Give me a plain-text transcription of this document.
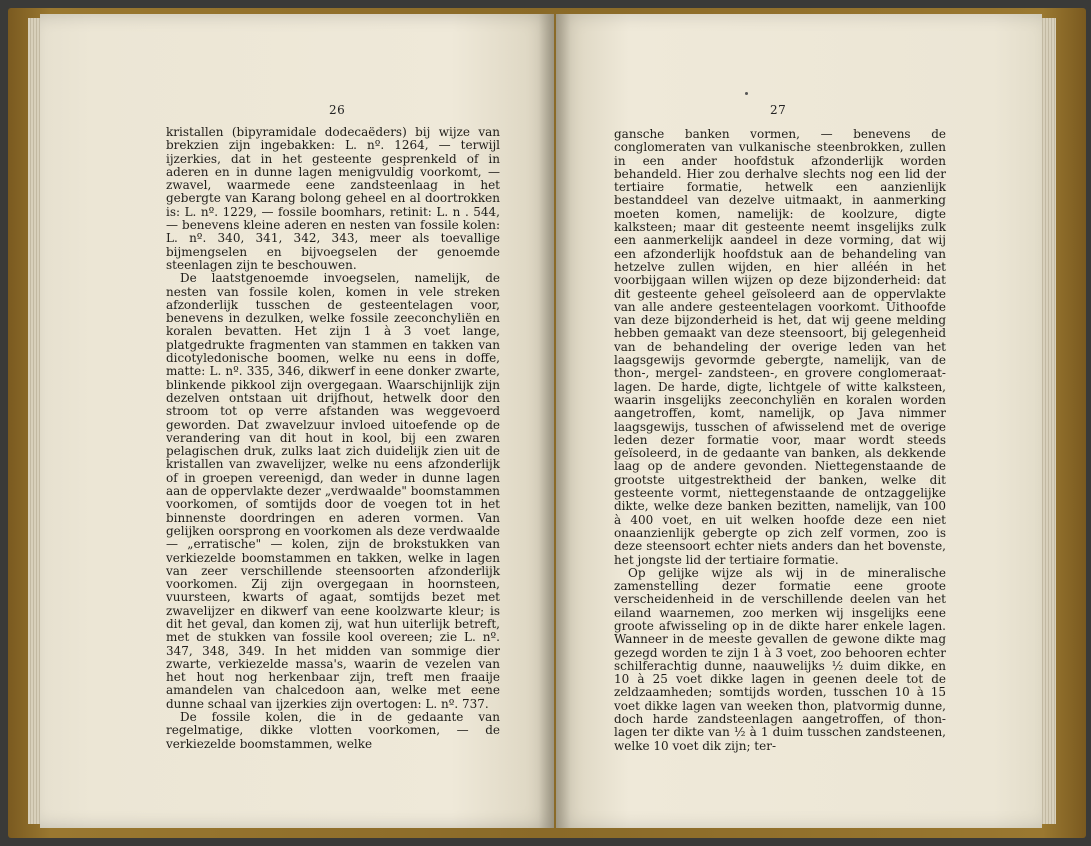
26	27

kristallen (bipyramidale dodecaëders) bij wijze van brekzien zijn ingebakken: L. nº. 1264, — terwijl ijzerkies, dat in het gesteente gesprenkeld of in aderen en in dunne lagen menigvuldig voorkomt, — zwavel, waarmede eene zandsteenlaag in het gebergte van Karang bolong geheel en al doortrokken is: L. nº. 1229, — fossile boomhars, retinit: L. n . 544, — benevens kleine aderen en nesten van fossile kolen: L. nº. 340, 341, 342, 343, meer als toevallige bijmengselen en bijvoegselen der genoemde steenlagen zijn te beschouwen.

De laatstgenoemde invoegselen, namelijk, de nesten van fossile kolen, komen in vele streken afzonderlijk tusschen de gesteentelagen voor, benevens in dezulken, welke fossile zeeconchyliën en koralen bevatten. Het zijn 1 à 3 voet lange, platgedrukte fragmenten van stammen en takken van dicotyledonische boomen, welke nu eens in doffe, matte: L. nº. 335, 346, dikwerf in eene donker zwarte, blinkende pikkool zijn overgegaan. Waarschijnlijk zijn dezelven ontstaan uit drijfhout, hetwelk door den stroom tot op verre afstanden was weggevoerd geworden. Dat zwavelzuur invloed uitoefende op de verandering van dit hout in kool, bij een zwaren pelagischen druk, zulks laat zich duidelijk zien uit de kristallen van zwavelijzer, welke nu eens afzonderlijk of in groepen vereenigd, dan weder in dunne lagen aan de oppervlakte dezer „verdwaalde" boomstammen voorkomen, of somtijds door de voegen tot in het binnenste doordringen en aderen vormen. Van gelijken oorsprong en voorkomen als deze verdwaalde — „erratische" — kolen, zijn de brokstukken van verkiezelde boomstammen en takken, welke in lagen van zeer verschillende steensoorten afzonderlijk voorkomen. Zij zijn overgegaan in hoornsteen, vuursteen, kwarts of agaat, somtijds bezet met zwavelijzer en dikwerf van eene koolzwarte kleur; is dit het geval, dan komen zij, wat hun uiterlijk betreft, met de stukken van fossile kool overeen; zie L. nº. 347, 348, 349. In het midden van sommige dier zwarte, verkiezelde massa's, waarin de vezelen van het hout nog herkenbaar zijn, treft men fraaije amandelen van chalcedoon aan, welke met eene dunne schaal van ijzerkies zijn overtogen: L. nº. 737.

De fossile kolen, die in de gedaante van regelmatige, dikke vlotten voorkomen, — de verkiezelde boomstammen, welke

gansche banken vormen, — benevens de conglomeraten van vulkanische steenbrokken, zullen in een ander hoofdstuk afzonderlijk worden behandeld. Hier zou derhalve slechts nog een lid der tertiaire formatie, hetwelk een aanzienlijk bestanddeel van dezelve uitmaakt, in aanmerking moeten komen, namelijk: de koolzure, digte kalksteen; maar dit gesteente neemt insgelijks zulk een aanmerkelijk aandeel in deze vorming, dat wij een afzonderlijk hoofdstuk aan de behandeling van hetzelve zullen wijden, en hier alléén in het voorbijgaan willen wijzen op deze bijzonderheid: dat dit gesteente geheel geïsoleerd aan de oppervlakte van alle andere gesteentelagen voorkomt. Uithoofde van deze bijzonderheid is het, dat wij geene melding hebben gemaakt van deze steensoort, bij gelegenheid van de behandeling der overige leden van het laagsgewijs gevormde gebergte, namelijk, van de thon-, mergel- zandsteen-, en grovere conglomeraat-lagen. De harde, digte, lichtgele of witte kalksteen, waarin insgelijks zeeconchyliën en koralen worden aangetroffen, komt, namelijk, op Java nimmer laagsgewijs, tusschen of afwisselend met de overige leden dezer formatie voor, maar wordt steeds geïsoleerd, in de gedaante van banken, als dekkende laag op de andere gevonden. Niettegenstaande de grootste uitgestrektheid der banken, welke dit gesteente vormt, niettegenstaande de ontzaggelijke dikte, welke deze banken bezitten, namelijk, van 100 à 400 voet, en uit welken hoofde deze een niet onaanzienlijk gebergte op zich zelf vormen, zoo is deze steensoort echter niets anders dan het bovenste, het jongste lid der tertiaire formatie.

Op gelijke wijze als wij in de mineralische zamenstelling dezer formatie eene groote verscheidenheid in de verschillende deelen van het eiland waarnemen, zoo merken wij insgelijks eene groote afwisseling op in de dikte harer enkele lagen. Wanneer in de meeste gevallen de gewone dikte mag gezegd worden te zijn 1 à 3 voet, zoo behooren echter schilferachtig dunne, naauwelijks ½ duim dikke, en 10 à 25 voet dikke lagen in geenen deele tot de zeldzaamheden; somtijds worden, tusschen 10 à 15 voet dikke lagen van weeken thon, platvormig dunne, doch harde zandsteenlagen aangetroffen, of thon-lagen ter dikte van ½ à 1 duim tusschen zandsteenen, welke 10 voet dik zijn; ter-
